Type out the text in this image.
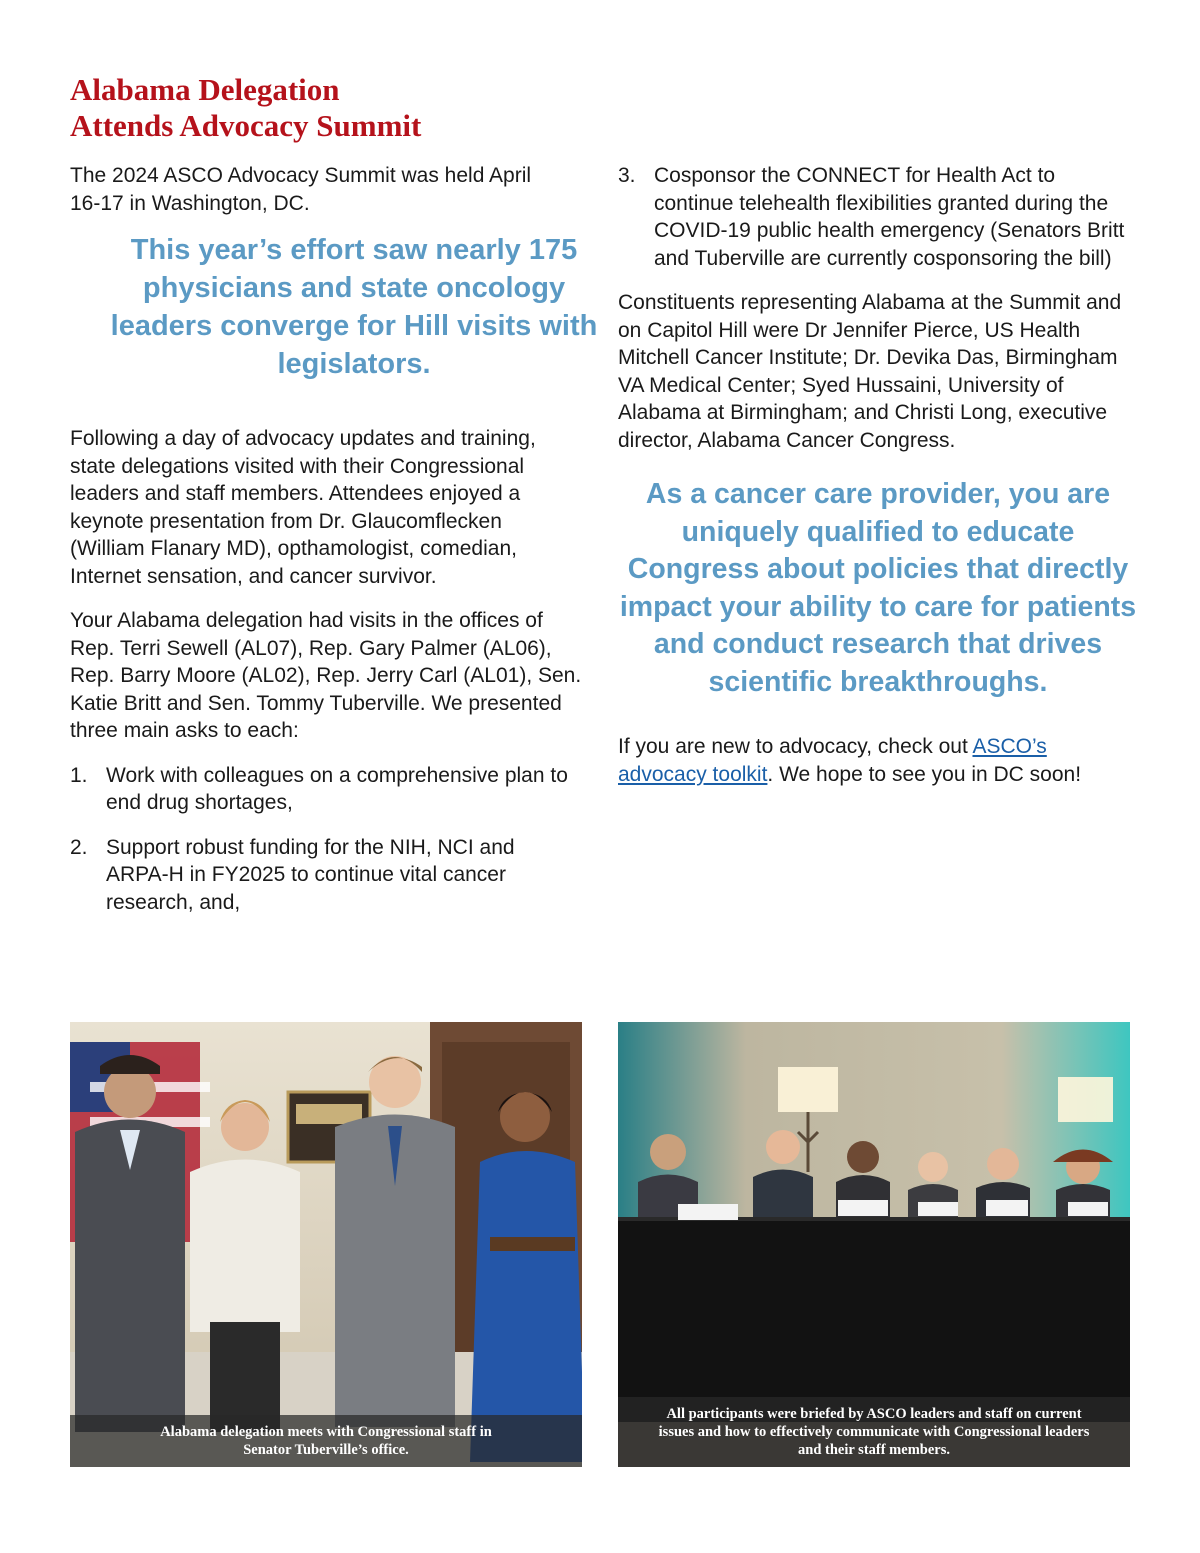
Alabama Delegation
Attends Advocacy Summit

The 2024 ASCO Advocacy Summit was held April 16-17 in Washington, DC.

This year’s effort saw nearly 175 physicians and state oncology leaders converge for Hill visits with legislators.

Following a day of advocacy updates and training, state delegations visited with their Congressional leaders and staff members. Attendees enjoyed a keynote presentation from Dr. Glaucomflecken (William Flanary MD), opthamologist, comedian, Internet sensation, and cancer survivor.

Your Alabama delegation had visits in the offices of Rep. Terri Sewell (AL07), Rep. Gary Palmer (AL06), Rep. Barry Moore (AL02), Rep. Jerry Carl (AL01), Sen. Katie Britt and Sen. Tommy Tuberville. We presented three main asks to each:

1. Work with colleagues on a comprehensive plan to end drug shortages,
2. Support robust funding for the NIH, NCI and ARPA-H in FY2025 to continue vital cancer research, and,
3. Cosponsor the CONNECT for Health Act to continue telehealth flexibilities granted during the COVID-19 public health emergency (Senators Britt and Tuberville are currently cosponsoring the bill)

Constituents representing Alabama at the Summit and on Capitol Hill were Dr Jennifer Pierce, US Health Mitchell Cancer Institute; Dr. Devika Das, Birmingham VA Medical Center; Syed Hussaini, University of Alabama at Birmingham; and Christi Long, executive director, Alabama Cancer Congress.

As a cancer care provider, you are uniquely qualified to educate Congress about policies that directly impact your ability to care for patients and conduct research that drives scientific breakthroughs.

If you are new to advocacy, check out ASCO’s advocacy toolkit. We hope to see you in DC soon!

Alabama delegation meets with Congressional staff in Senator Tuberville’s office.
All participants were briefed by ASCO leaders and staff on current issues and how to effectively communicate with Congressional leaders and their staff members.
